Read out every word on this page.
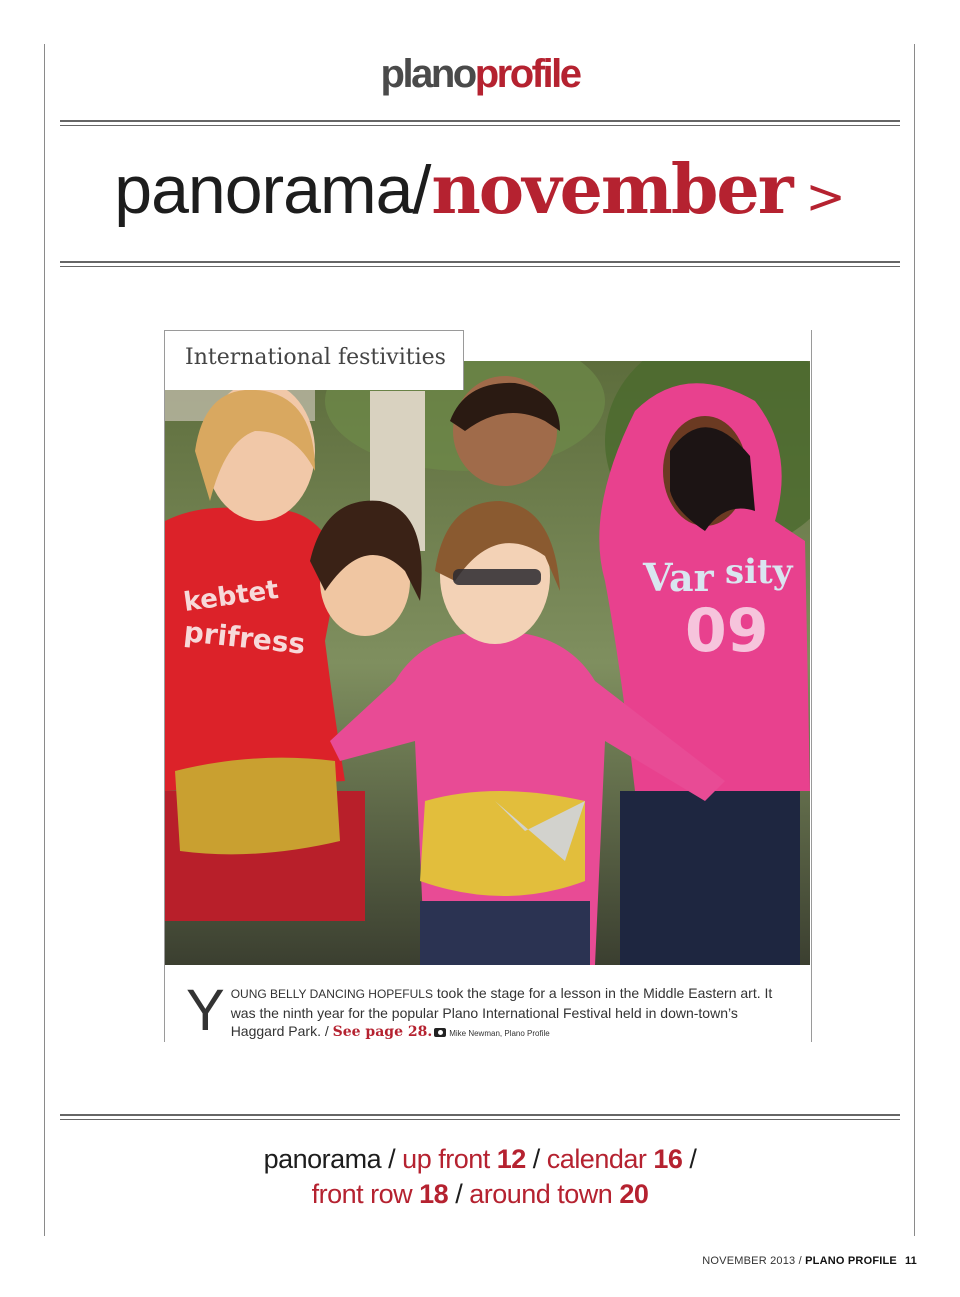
planoprofile
panorama/november >
Var sity
09
kebtet
prifress
International festivities
YOUNG BELLY DANCING HOPEFULS took the stage for a lesson in the Middle Eastern art. It was the ninth year for the popular Plano International Festival held in down-town’s Haggard Park. / See page 28. Mike Newman, Plano Profile
panorama / up front 12 / calendar 16 /
front row 18 / around town 20
NOVEMBER 2013 / PLANO PROFILE 11
